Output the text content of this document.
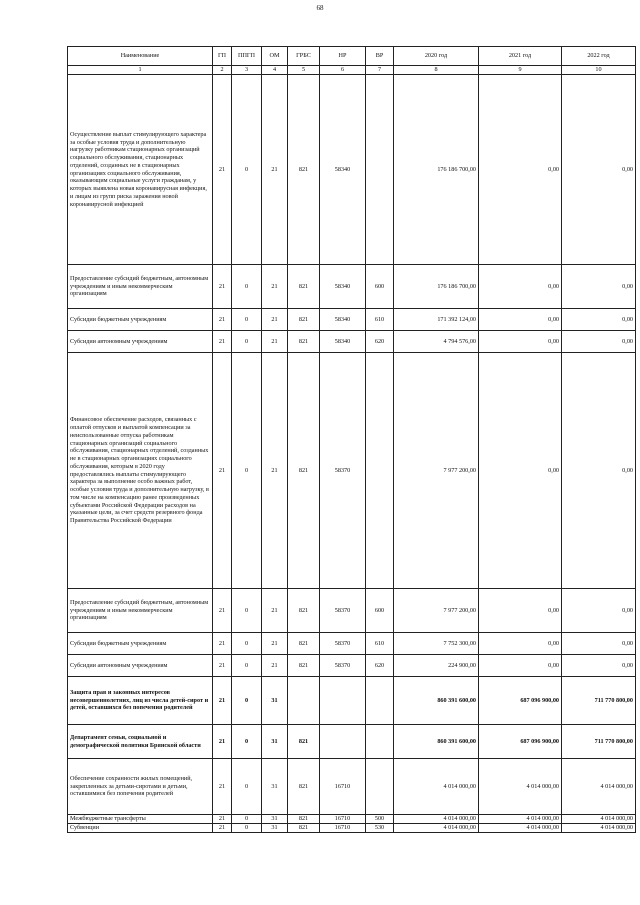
68
Наименование	ГП	ППГП	ОМ	ГРБС	НР	ВР	2020 год	2021 год	2022 год
1	2	3	4	5	6	7	8	9	10
Осуществление выплат стимулирующего характера за особые условия труда и дополнительную нагрузку работникам стационарных организаций социального обслуживания, стационарных отделений, созданных не в стационарных организациях социального обслуживания, оказывающим социальные услуги гражданам, у которых выявлена новая коронавирусная инфекция, и лицам из групп риска заражения новой коронавирусной инфекцией	21	0	21	821	58340		176 186 700,00	0,00	0,00
Предоставление субсидий бюджетным, автономным учреждениям и иным некоммерческим организациям	21	0	21	821	58340	600	176 186 700,00	0,00	0,00
Субсидии бюджетным учреждениям	21	0	21	821	58340	610	171 392 124,00	0,00	0,00
Субсидии автономным учреждениям	21	0	21	821	58340	620	4 794 576,00	0,00	0,00
Финансовое обеспечение расходов, связанных с оплатой отпусков и выплатой компенсации за неиспользованные отпуска работникам стационарных организаций социального обслуживания, стационарных отделений, созданных не в стационарных организациях социального обслуживания, которым в 2020 году предоставлялись выплаты стимулирующего характера за выполнение особо важных работ, особые условия труда и дополнительную нагрузку, в том числе на компенсацию ранее произведенных субъектами Российской Федерации расходов на указанные цели, за счет средств резервного фонда Правительства Российской Федерации	21	0	21	821	58370		7 977 200,00	0,00	0,00
Предоставление субсидий бюджетным, автономным учреждениям и иным некоммерческим организациям	21	0	21	821	58370	600	7 977 200,00	0,00	0,00
Субсидии бюджетным учреждениям	21	0	21	821	58370	610	7 752 300,00	0,00	0,00
Субсидии автономным учреждениям	21	0	21	821	58370	620	224 900,00	0,00	0,00
Защита прав и законных интересов несовершеннолетних, лиц из числа детей-сирот и детей, оставшихся без попечения родителей	21	0	31				860 391 600,00	687 096 900,00	711 770 800,00
Департамент семьи, социальной и демографической политики Брянской области	21	0	31	821			860 391 600,00	687 096 900,00	711 770 800,00
Обеспечение сохранности жилых помещений, закрепленных за детьми-сиротами и детьми, оставшимися без попечения родителей	21	0	31	821	16710		4 014 000,00	4 014 000,00	4 014 000,00
Межбюджетные трансферты	21	0	31	821	16710	500	4 014 000,00	4 014 000,00	4 014 000,00
Субвенции	21	0	31	821	16710	530	4 014 000,00	4 014 000,00	4 014 000,00
